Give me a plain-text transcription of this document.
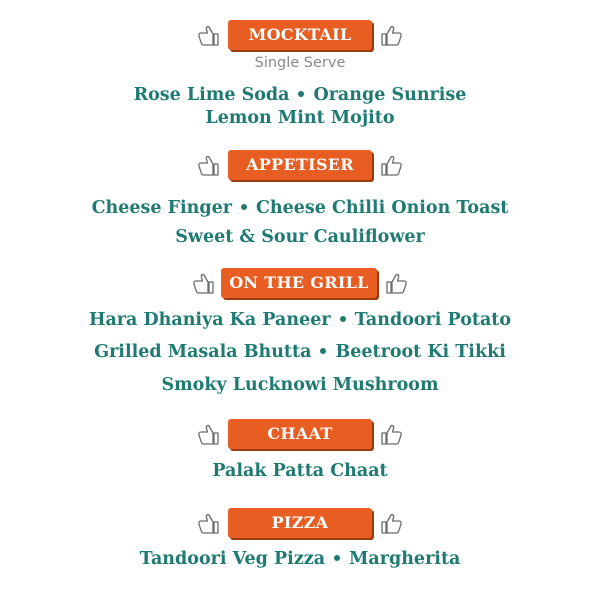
MOCKTAIL
Single Serve
Rose Lime Soda Orange Sunrise
Lemon Mint Mojito
APPETISER
Cheese Finger Cheese Chilli Onion Toast
Sweet & Sour Cauliflower
ON THE GRILL
Hara Dhaniya Ka Paneer Tandoori Potato
Grilled Masala Bhutta Beetroot Ki Tikki
Smoky Lucknowi Mushroom
CHAAT
Palak Patta Chaat
PIZZA
Tandoori Veg Pizza Margherita
